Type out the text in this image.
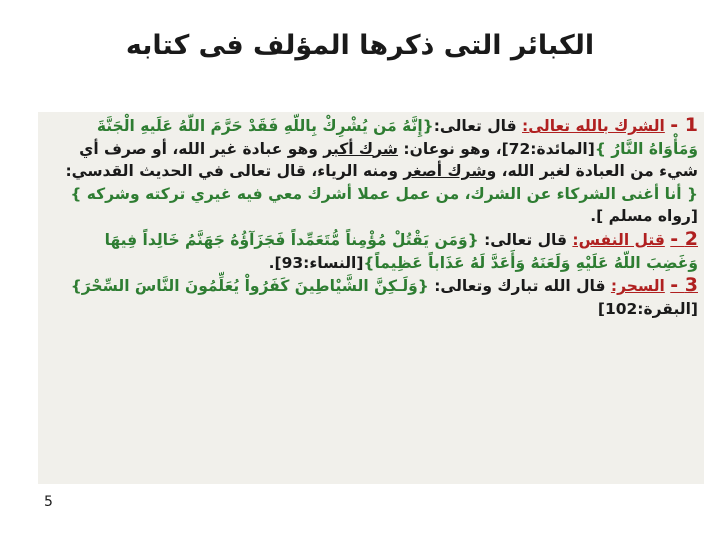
الكبائر التى ذكرها المؤلف فى كتابه

1 - الشرك بالله تعالى: قال تعالى:{إِنَّهُ مَن يُشْرِكْ بِاللّهِ فَقَدْ حَرَّمَ اللّهُ عَلَيهِ الْجَنَّةَ وَمَأْوَاهُ النَّارُ }[المائدة:72]، وهو نوعان: شرك أكبر وهو عبادة غير الله، أو صرف أي شيء من العبادة لغير الله، وشرك أصغر ومنه الرياء، قال تعالى في الحديث القدسي: { أنا أغنى الشركاء عن الشرك، من عمل عملا أشرك معي فيه غيري تركته وشركه } [رواه مسلم ].

2 - قتل النفس: قال تعالى: {وَمَن يَقْتُلْ مُؤْمِناً مُّتَعَمِّداً فَجَزَآؤُهُ جَهَنَّمُ خَالِداً فِيهَا وَغَضِبَ اللّهُ عَلَيْهِ وَلَعَنَهُ وَأَعَدَّ لَهُ عَذَاباً عَظِيماً}[النساء:93].

3 - السحر: قال الله تبارك وتعالى: {وَلَـكِنَّ الشَّيْاطِينَ كَفَرُواْ يُعَلِّمُونَ النَّاسَ السِّحْرَ} [البقرة:102]

5
